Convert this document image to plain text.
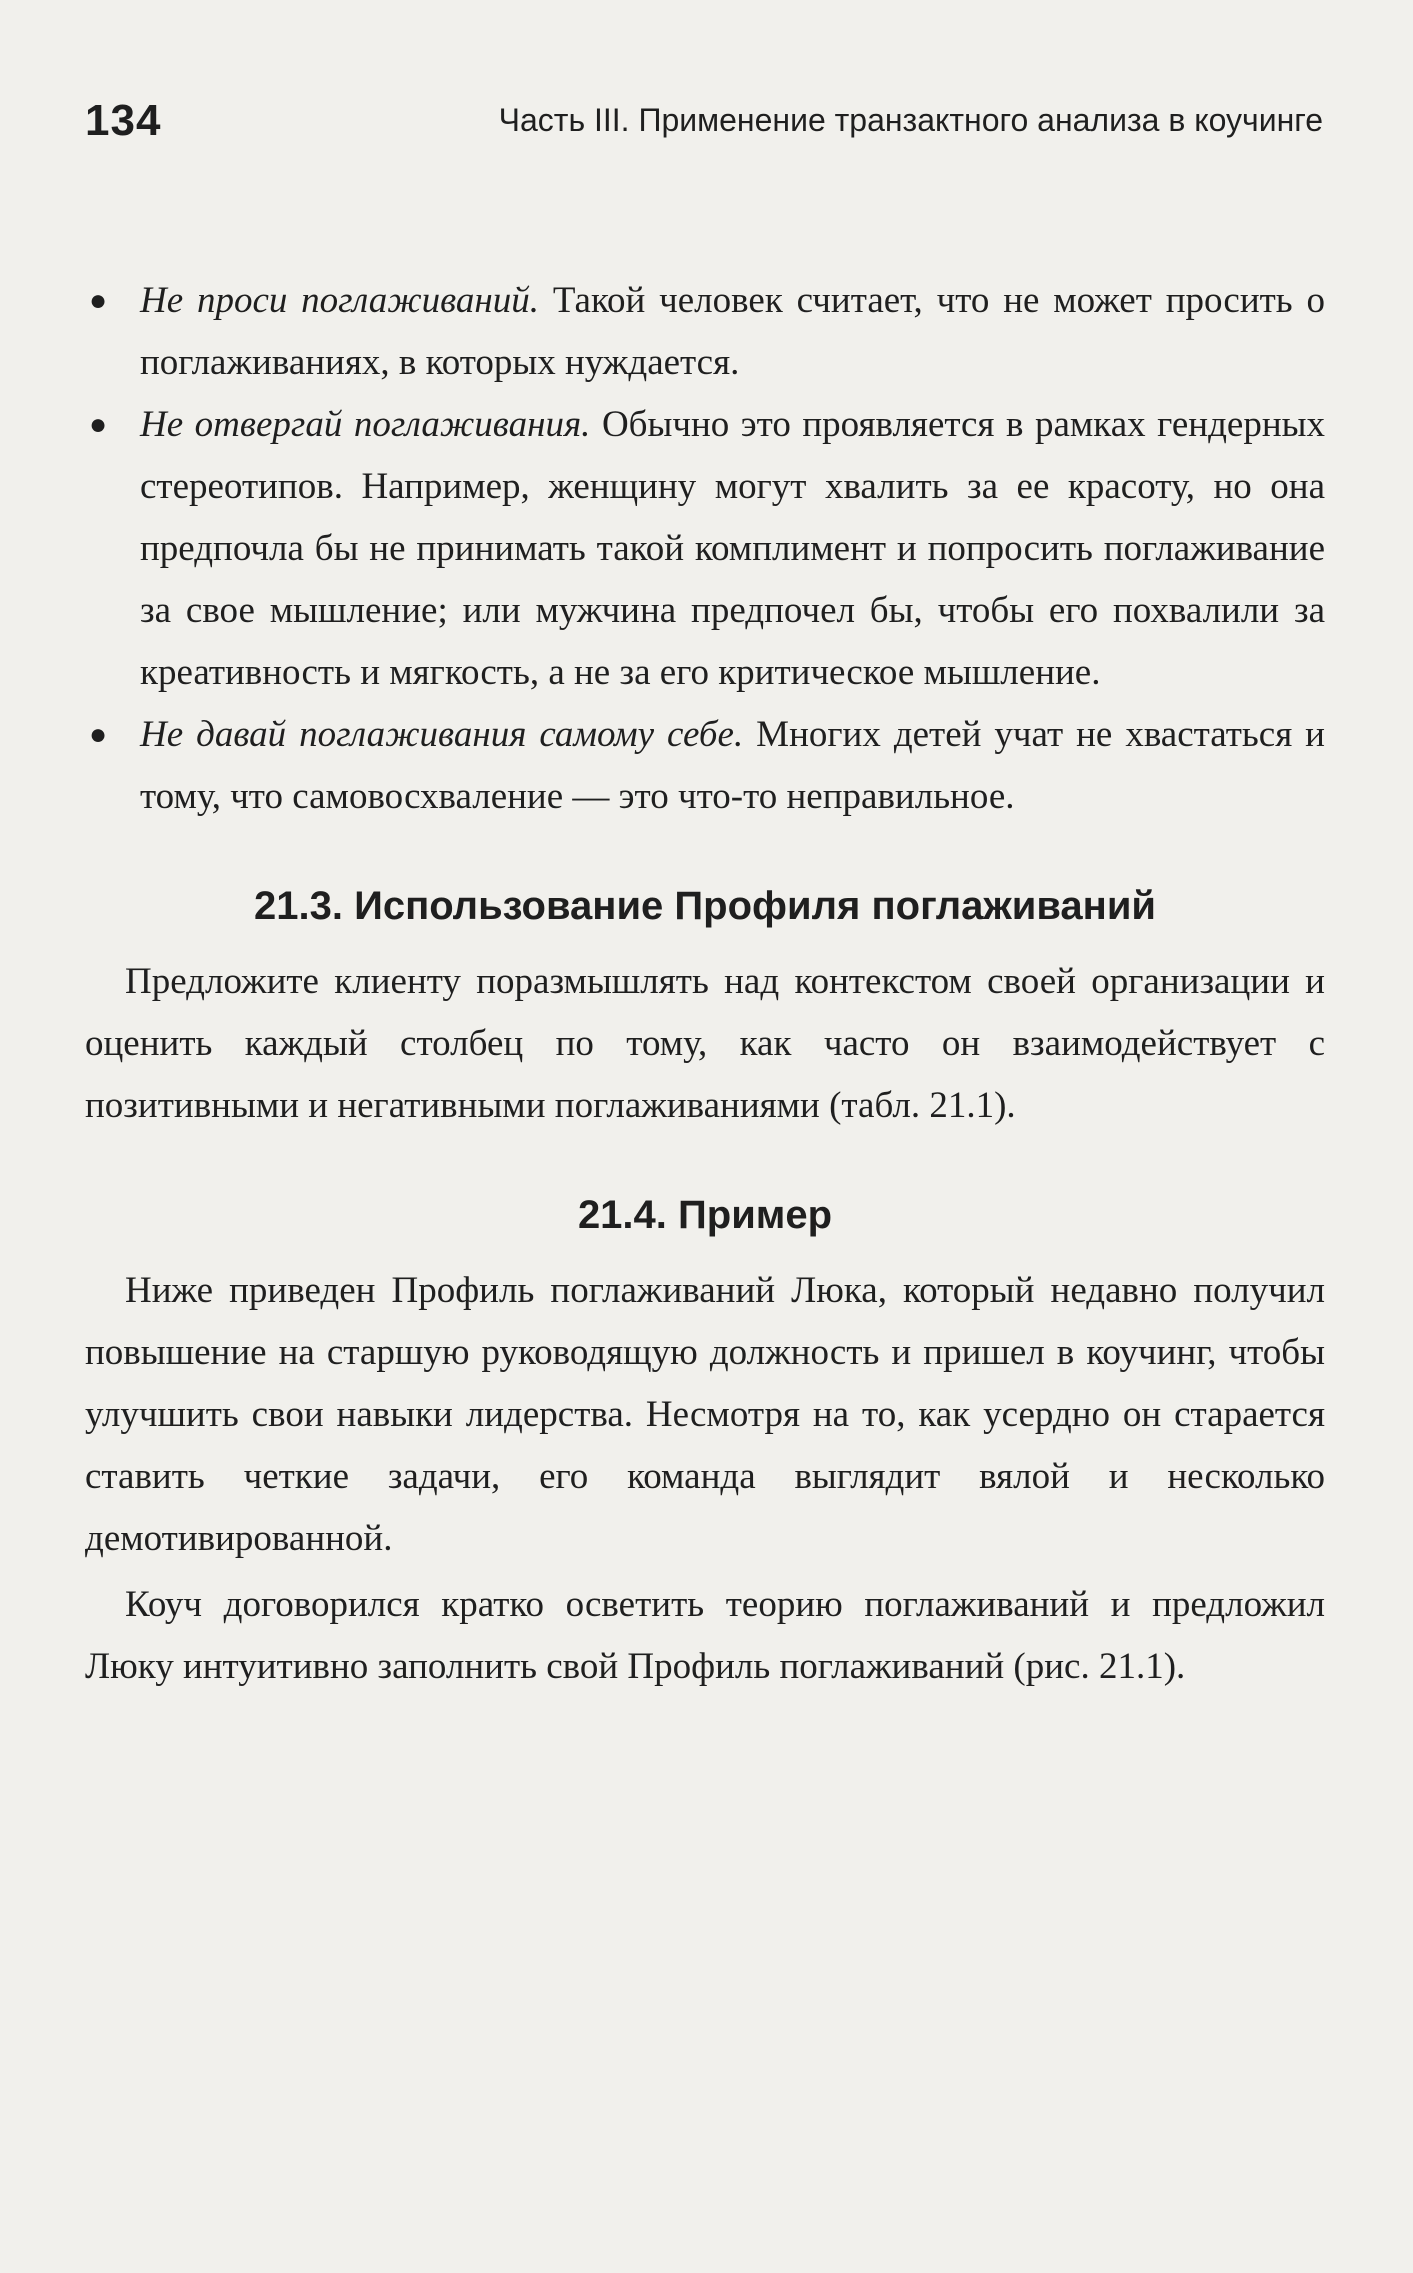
134	Часть III. Применение транзактного анализа в коучинге
● Не проси поглаживаний. Такой человек считает, что не может просить о поглаживаниях, в которых нуждается.
● Не отвергай поглаживания. Обычно это проявляется в рамках гендерных стереотипов. Например, женщину могут хвалить за ее красоту, но она предпочла бы не принимать такой комплимент и попросить поглаживание за свое мышление; или мужчина предпочел бы, чтобы его похвалили за креативность и мягкость, а не за его критическое мышление.
● Не давай поглаживания самому себе. Многих детей учат не хвастаться и тому, что самовосхваление — это что-то неправильное.
21.3. Использование Профиля поглаживаний

Предложите клиенту поразмышлять над контекстом своей организации и оценить каждый столбец по тому, как часто он взаимодействует с позитивными и негативными поглаживаниями (табл. 21.1).

21.4. Пример

Ниже приведен Профиль поглаживаний Люка, который недавно получил повышение на старшую руководящую должность и пришел в коучинг, чтобы улучшить свои навыки лидерства. Несмотря на то, как усердно он старается ставить четкие задачи, его команда выглядит вялой и несколько демотивированной.

Коуч договорился кратко осветить теорию поглаживаний и предложил Люку интуитивно заполнить свой Профиль поглаживаний (рис. 21.1).
